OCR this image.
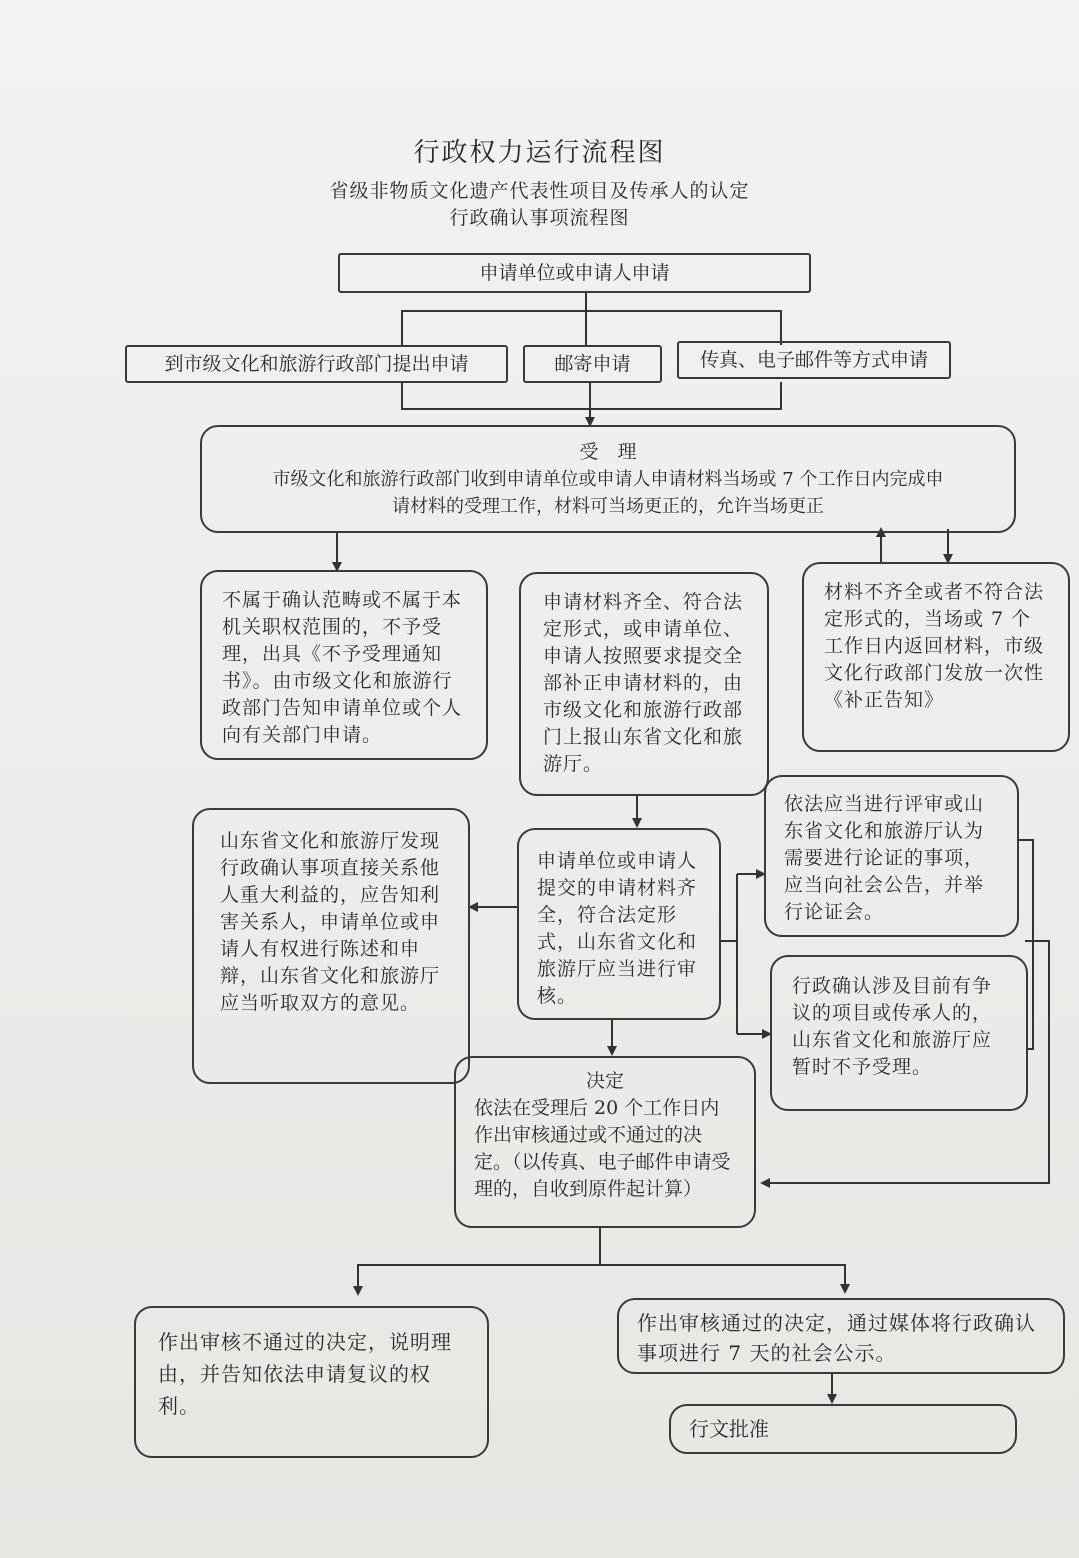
行政权力运行流程图
省级非物质文化遗产代表性项目及传承人的认定
行政确认事项流程图
申请单位或申请人申请
到市级文化和旅游行政部门提出申请	邮寄申请	传真、电子邮件等方式申请
受　理
市级文化和旅游行政部门收到申请单位或申请人申请材料当场或 7 个工作日内完成申
请材料的受理工作，材料可当场更正的，允许当场更正
不属于确认范畴或不属于本机关职权范围的，不予受理，出具《不予受理通知书》。由市级文化和旅游行政部门告知申请单位或个人向有关部门申请。
申请材料齐全、符合法定形式，或申请单位、申请人按照要求提交全部补正申请材料的，由市级文化和旅游行政部门上报山东省文化和旅游厅。
材料不齐全或者不符合法定形式的，当场或 7 个工作日内返回材料，市级文化行政部门发放一次性《补正告知》
山东省文化和旅游厅发现行政确认事项直接关系他人重大利益的，应告知利害关系人，申请单位或申请人有权进行陈述和申辩，山东省文化和旅游厅应当听取双方的意见。
申请单位或申请人提交的申请材料齐全，符合法定形式，山东省文化和旅游厅应当进行审核。
依法应当进行评审或山东省文化和旅游厅认为需要进行论证的事项，应当向社会公告，并举行论证会。
行政确认涉及目前有争议的项目或传承人的，山东省文化和旅游厅应暂时不予受理。
决定
依法在受理后 20 个工作日内作出审核通过或不通过的决定。（以传真、电子邮件申请受理的，自收到原件起计算）
作出审核不通过的决定，说明理由，并告知依法申请复议的权利。
作出审核通过的决定，通过媒体将行政确认事项进行 7 天的社会公示。
行文批准
